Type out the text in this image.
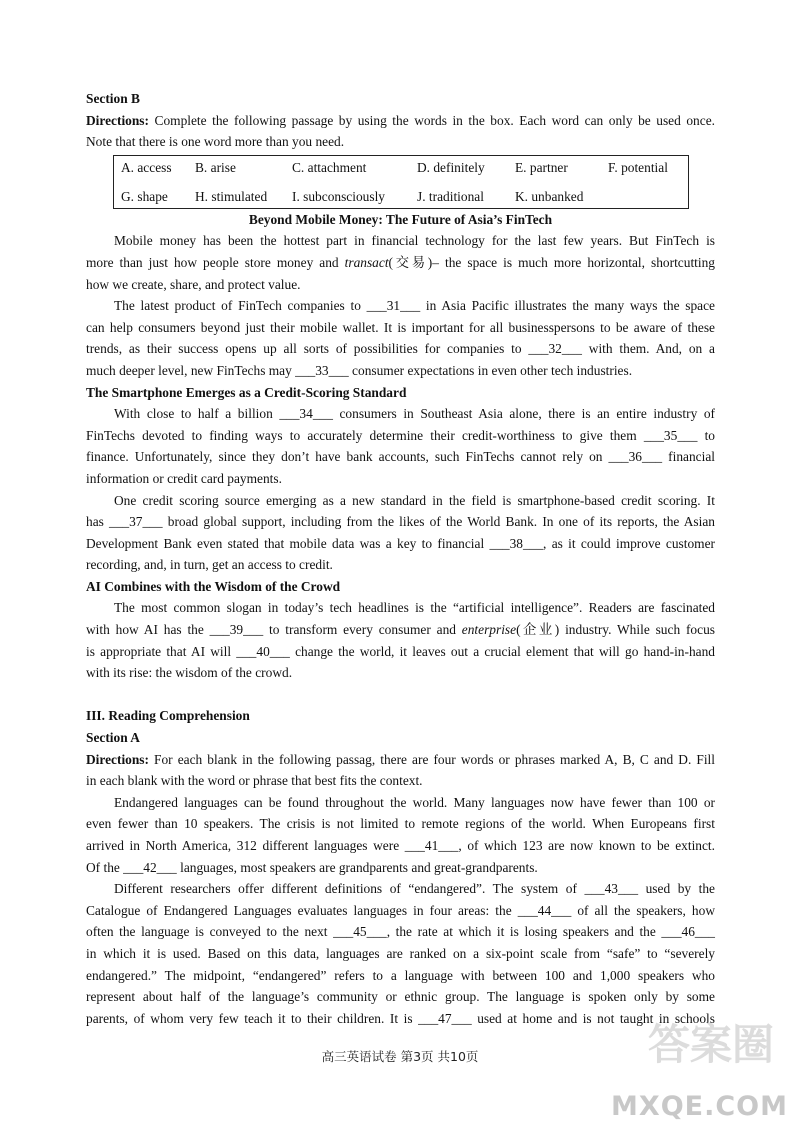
Section B
Directions: Complete the following passage by using the words in the box. Each word can only be used once.
Note that there is one word more than you need.
A. access B. arise	C. attachment	D. definitely E. partner	F. potential
G. shape H. stimulated I. subconsciously J. traditional K. unbanked
Beyond Mobile Money: The Future of Asia’s FinTech
Mobile money has been the hottest part in financial technology for the last few years. But FinTech is
more than just how people store money and transact(交易)– the space is much more horizontal, shortcutting
how we create, share, and protect value.
The latest product of FinTech companies to ___31___ in Asia Pacific illustrates the many ways the space
can help consumers beyond just their mobile wallet. It is important for all businesspersons to be aware of these
trends, as their success opens up all sorts of possibilities for companies to ___32___ with them. And, on a
much deeper level, new FinTechs may ___33___ consumer expectations in even other tech industries.
The Smartphone Emerges as a Credit-Scoring Standard
With close to half a billion ___34___ consumers in Southeast Asia alone, there is an entire industry of
FinTechs devoted to finding ways to accurately determine their credit-worthiness to give them ___35___ to
finance. Unfortunately, since they don’t have bank accounts, such FinTechs cannot rely on ___36___ financial
information or credit card payments.
One credit scoring source emerging as a new standard in the field is smartphone-based credit scoring. It
has ___37___ broad global support, including from the likes of the World Bank. In one of its reports, the Asian
Development Bank even stated that mobile data was a key to financial ___38___, as it could improve customer
recording, and, in turn, get an access to credit.
AI Combines with the Wisdom of the Crowd
The most common slogan in today’s tech headlines is the “artificial intelligence”. Readers are fascinated
with how AI has the ___39___ to transform every consumer and enterprise(企业) industry. While such focus
is appropriate that AI will ___40___ change the world, it leaves out a crucial element that will go hand-in-hand
with its rise: the wisdom of the crowd.
III. Reading Comprehension
Section A
Directions: For each blank in the following passag, there are four words or phrases marked A, B, C and D. Fill
in each blank with the word or phrase that best fits the context.
Endangered languages can be found throughout the world. Many languages now have fewer than 100 or
even fewer than 10 speakers. The crisis is not limited to remote regions of the world. When Europeans first
arrived in North America, 312 different languages were ___41___, of which 123 are now known to be extinct.
Of the ___42___ languages, most speakers are grandparents and great-grandparents.
Different researchers offer different definitions of “endangered”. The system of ___43___ used by the
Catalogue of Endangered Languages evaluates languages in four areas: the ___44___ of all the speakers, how
often the language is conveyed to the next ___45___, the rate at which it is losing speakers and the ___46___
in which it is used. Based on this data, languages are ranked on a six-point scale from “safe” to “severely
endangered.” The midpoint, “endangered” refers to a language with between 100 and 1,000 speakers who
represent about half of the language’s community or ethnic group. The language is spoken only by some
parents, of whom very few teach it to their children. It is ___47___ used at home and is not taught in schools
高三英语试卷 第3页 共10页	答案圈
MXQE.COM
